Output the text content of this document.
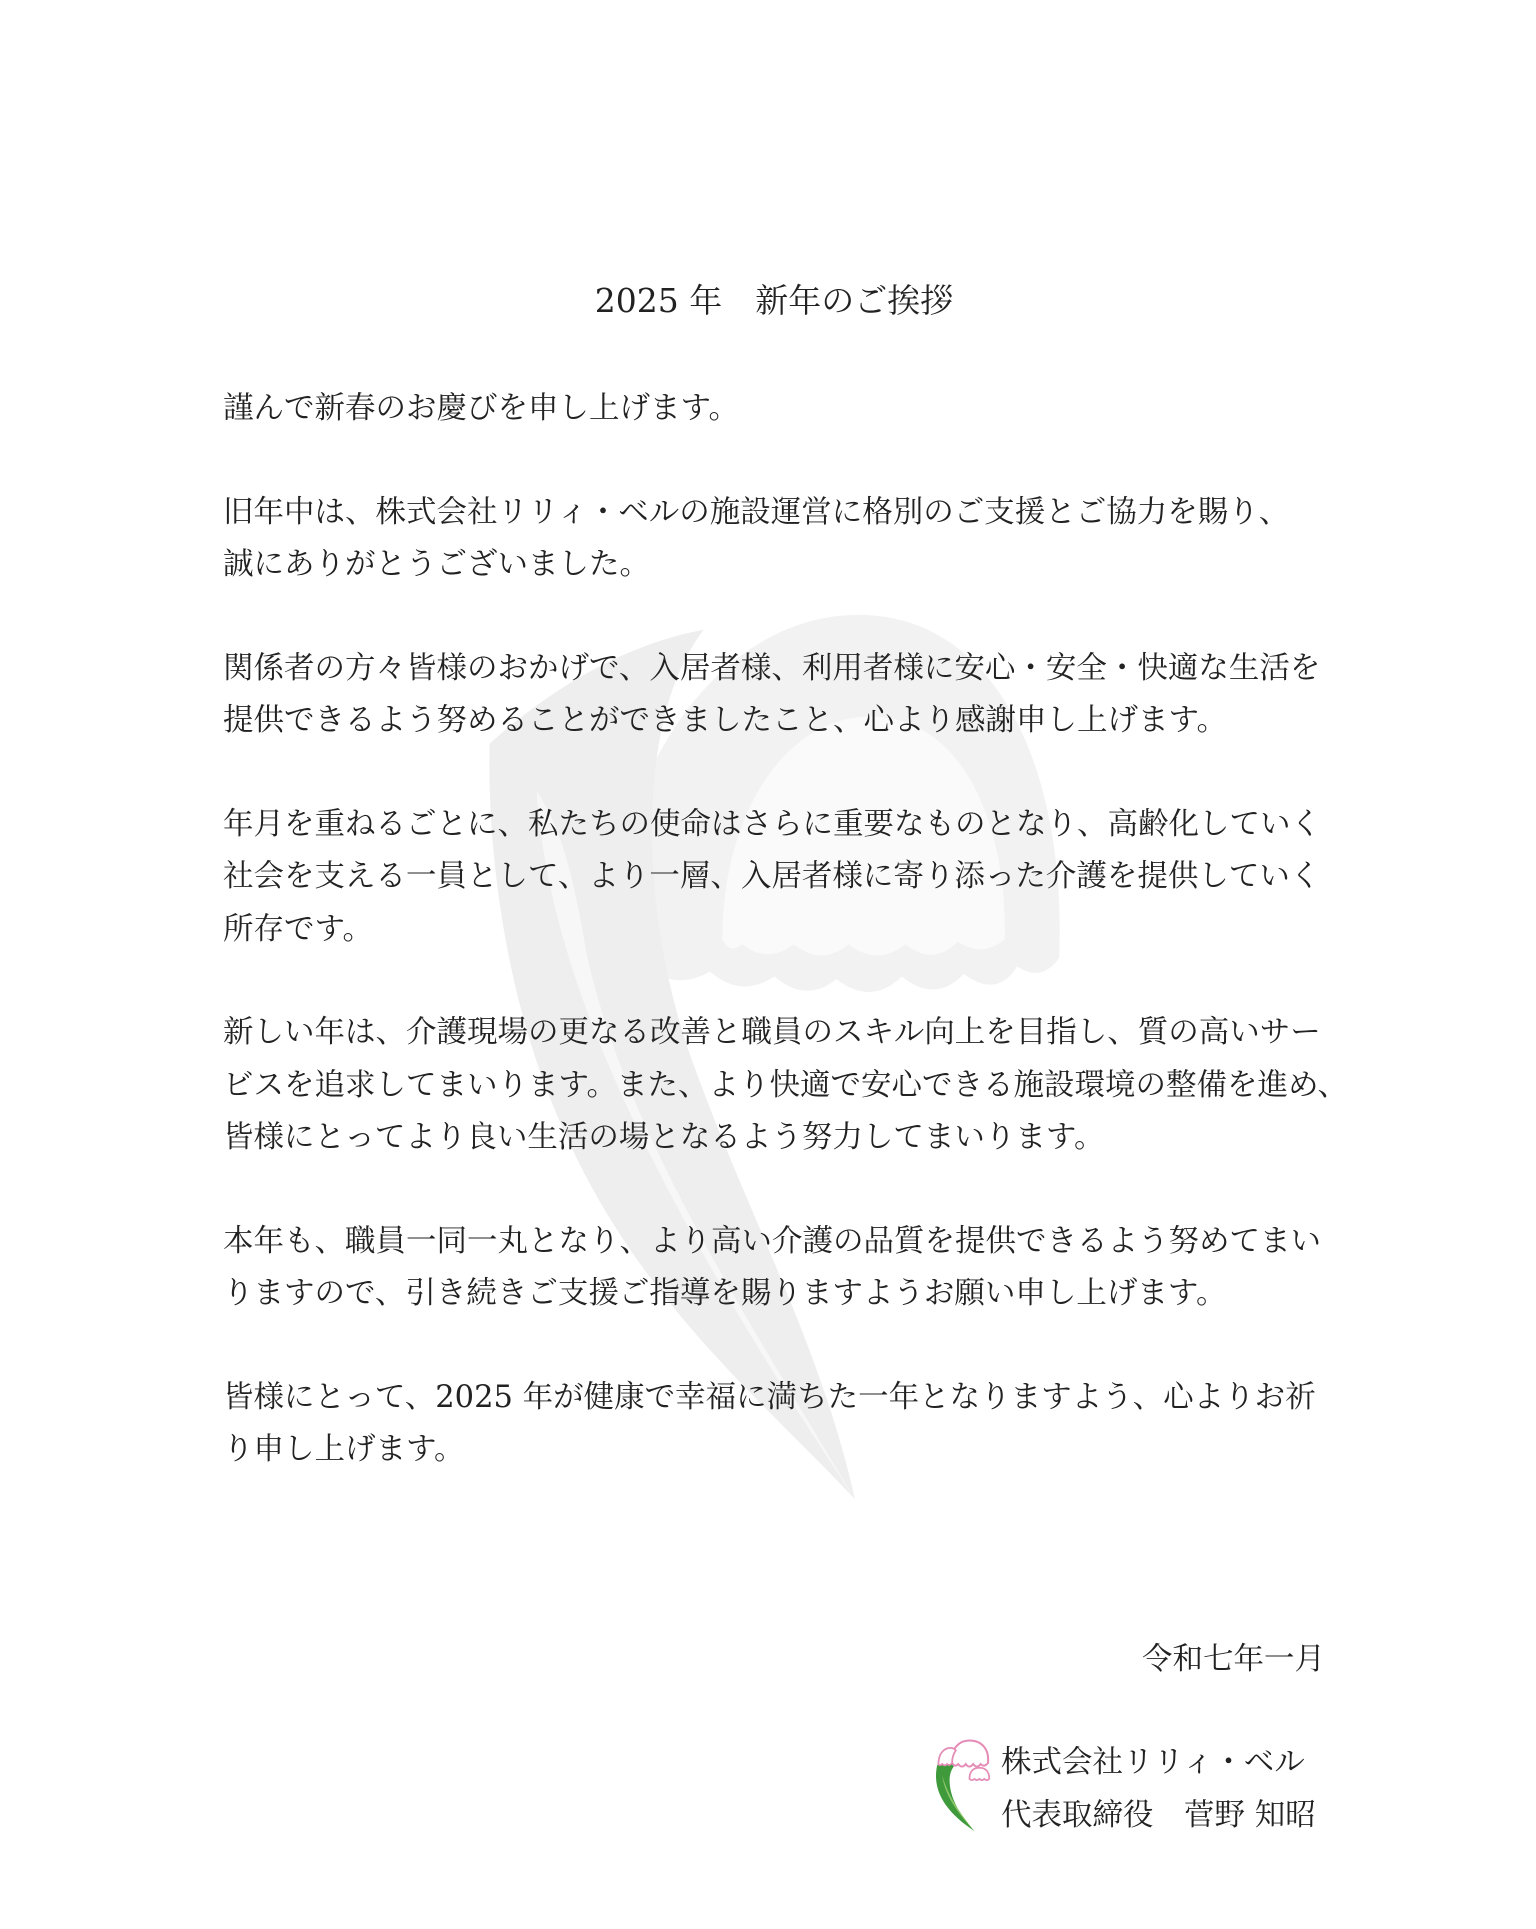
2025 年　新年のご挨拶
謹んで新春のお慶びを申し上げます。
旧年中は、株式会社リリィ・ベルの施設運営に格別のご支援とご協力を賜り、
誠にありがとうございました。
関係者の方々皆様のおかげで、入居者様、利用者様に安心・安全・快適な生活を
提供できるよう努めることができましたこと、心より感謝申し上げます。
年月を重ねるごとに、私たちの使命はさらに重要なものとなり、高齢化していく
社会を支える一員として、より一層、入居者様に寄り添った介護を提供していく
所存です。
新しい年は、介護現場の更なる改善と職員のスキル向上を目指し、質の高いサー
ビスを追求してまいります。また、より快適で安心できる施設環境の整備を進め、
皆様にとってより良い生活の場となるよう努力してまいります。
本年も、職員一同一丸となり、より高い介護の品質を提供できるよう努めてまい
りますので、引き続きご支援ご指導を賜りますようお願い申し上げます。
皆様にとって、2025 年が健康で幸福に満ちた一年となりますよう、心よりお祈
り申し上げます。
令和七年一月
株式会社リリィ・ベル
代表取締役　菅野 知昭
